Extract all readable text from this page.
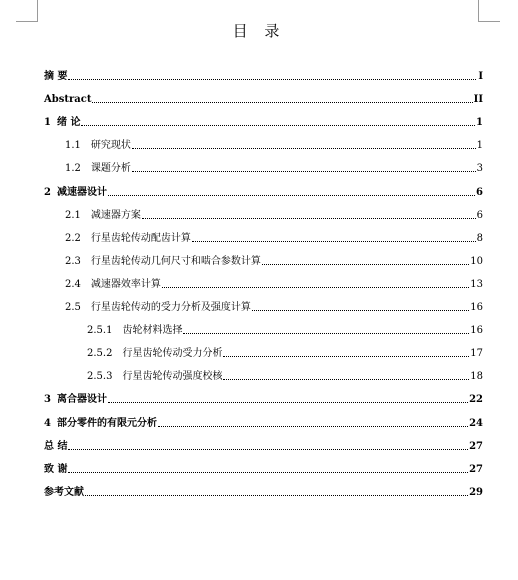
目 录
摘 要	I
Abstract	II
1 绪 论	1
1.1 研究现状	1
1.2 课题分析	3
2 减速器设计	6
2.1 减速器方案	6
2.2 行星齿轮传动配齿计算	8
2.3 行星齿轮传动几何尺寸和啮合参数计算	10
2.4 减速器效率计算	13
2.5 行星齿轮传动的受力分析及强度计算	16
2.5.1 齿轮材料选择	16
2.5.2 行星齿轮传动受力分析	17
2.5.3 行星齿轮传动强度校核	18
3 离合器设计	22
4 部分零件的有限元分析	24
总 结	27
致 谢	27
参考文献	29
